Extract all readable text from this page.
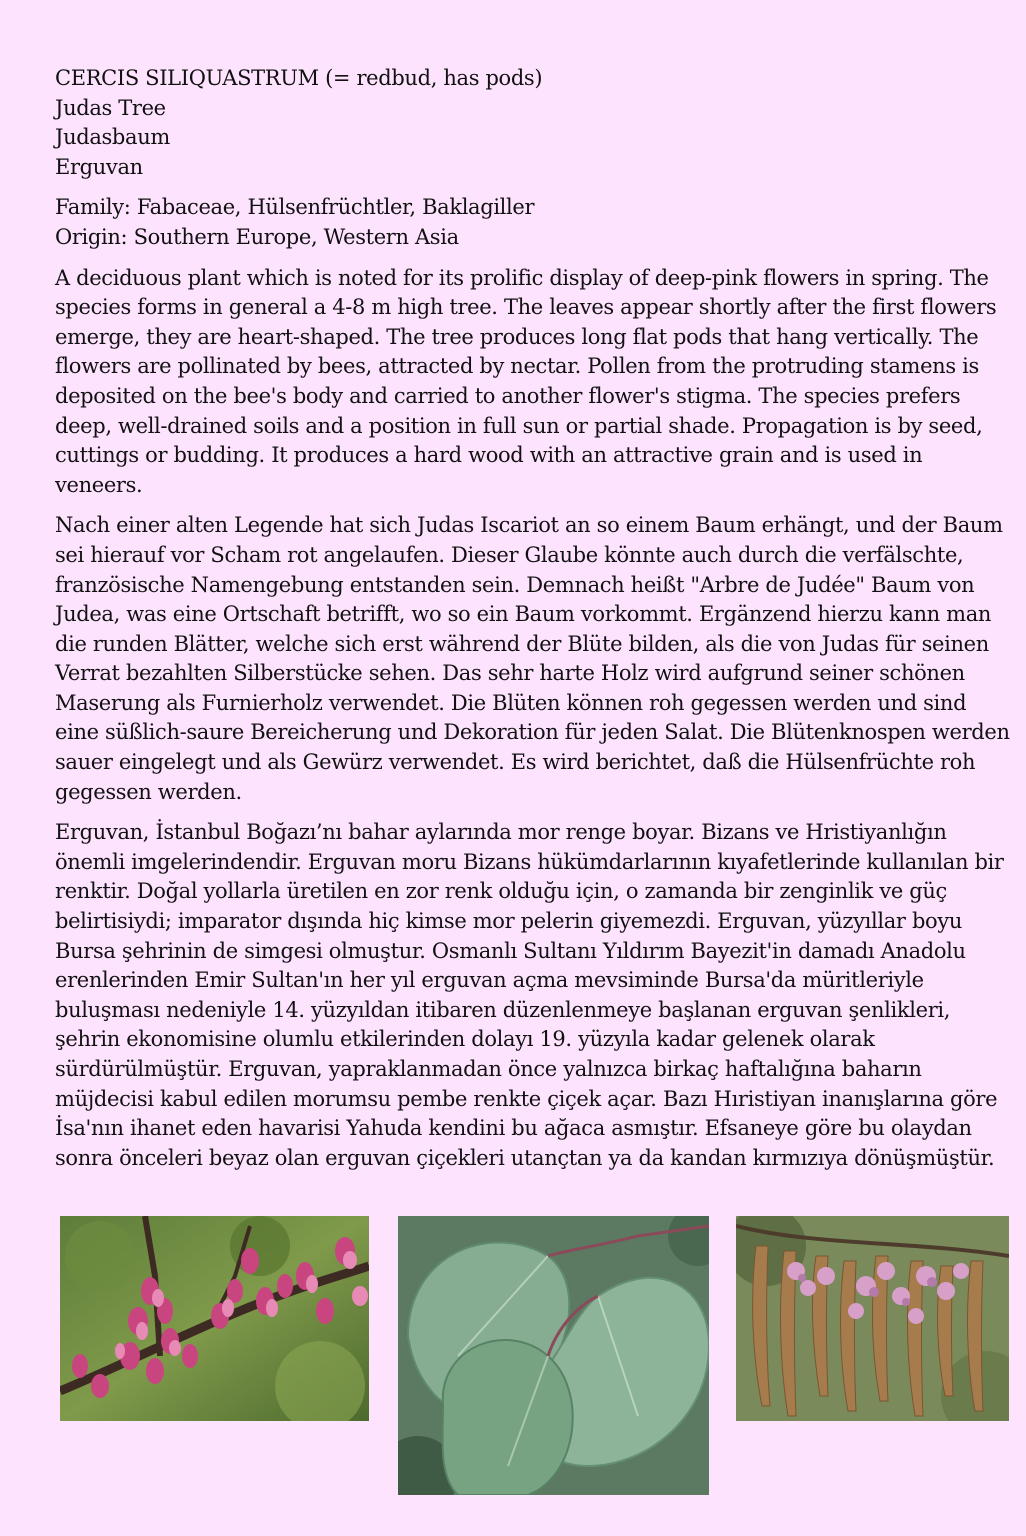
CERCIS SILIQUASTRUM (= redbud, has pods)
Judas Tree
Judasbaum
Erguvan
Family: Fabaceae, Hülsenfrüchtler, Baklagiller
Origin: Southern Europe, Western Asia

A deciduous plant which is noted for its prolific display of deep-pink flowers in spring. The species forms in general a 4-8 m high tree. The leaves appear shortly after the first flowers emerge, they are heart-shaped. The tree produces long flat pods that hang vertically. The flowers are pollinated by bees, attracted by nectar. Pollen from the protruding stamens is deposited on the bee's body and carried to another flower's stigma. The species prefers deep, well-drained soils and a position in full sun or partial shade. Propagation is by seed, cuttings or budding. It produces a hard wood with an attractive grain and is used in veneers.

Nach einer alten Legende hat sich Judas Iscariot an so einem Baum erhängt, und der Baum sei hierauf vor Scham rot angelaufen. Dieser Glaube könnte auch durch die verfälschte, französische Namengebung entstanden sein. Demnach heißt "Arbre de Judée" Baum von Judea, was eine Ortschaft betrifft, wo so ein Baum vorkommt. Ergänzend hierzu kann man die runden Blätter, welche sich erst während der Blüte bilden, als die von Judas für seinen Verrat bezahlten Silberstücke sehen. Das sehr harte Holz wird aufgrund seiner schönen Maserung als Furnierholz verwendet. Die Blüten können roh gegessen werden und sind eine süßlich-saure Bereicherung und Dekoration für jeden Salat. Die Blütenknospen werden sauer eingelegt und als Gewürz verwendet. Es wird berichtet, daß die Hülsenfrüchte roh gegessen werden.

Erguvan, İstanbul Boğazı’nı bahar aylarında mor renge boyar. Bizans ve Hristiyanlığın önemli imgelerindendir. Erguvan moru Bizans hükümdarlarının kıyafetlerinde kullanılan bir renktir. Doğal yollarla üretilen en zor renk olduğu için, o zamanda bir zenginlik ve güç belirtisiydi; imparator dışında hiç kimse mor pelerin giyemezdi. Erguvan, yüzyıllar boyu Bursa şehrinin de simgesi olmuştur. Osmanlı Sultanı Yıldırım Bayezit'in damadı Anadolu erenlerinden Emir Sultan'ın her yıl erguvan açma mevsiminde Bursa'da müritleriyle buluşması nedeniyle 14. yüzyıldan itibaren düzenlenmeye başlanan erguvan şenlikleri, şehrin ekonomisine olumlu etkilerinden dolayı 19. yüzyıla kadar gelenek olarak sürdürülmüştür. Erguvan, yapraklanmadan önce yalnızca birkaç haftalığına baharın müjdecisi kabul edilen morumsu pembe renkte çiçek açar. Bazı Hıristiyan inanışlarına göre İsa'nın ihanet eden havarisi Yahuda kendini bu ağaca asmıştır. Efsaneye göre bu olaydan sonra önceleri beyaz olan erguvan çiçekleri utançtan ya da kandan kırmızıya dönüşmüştür.
